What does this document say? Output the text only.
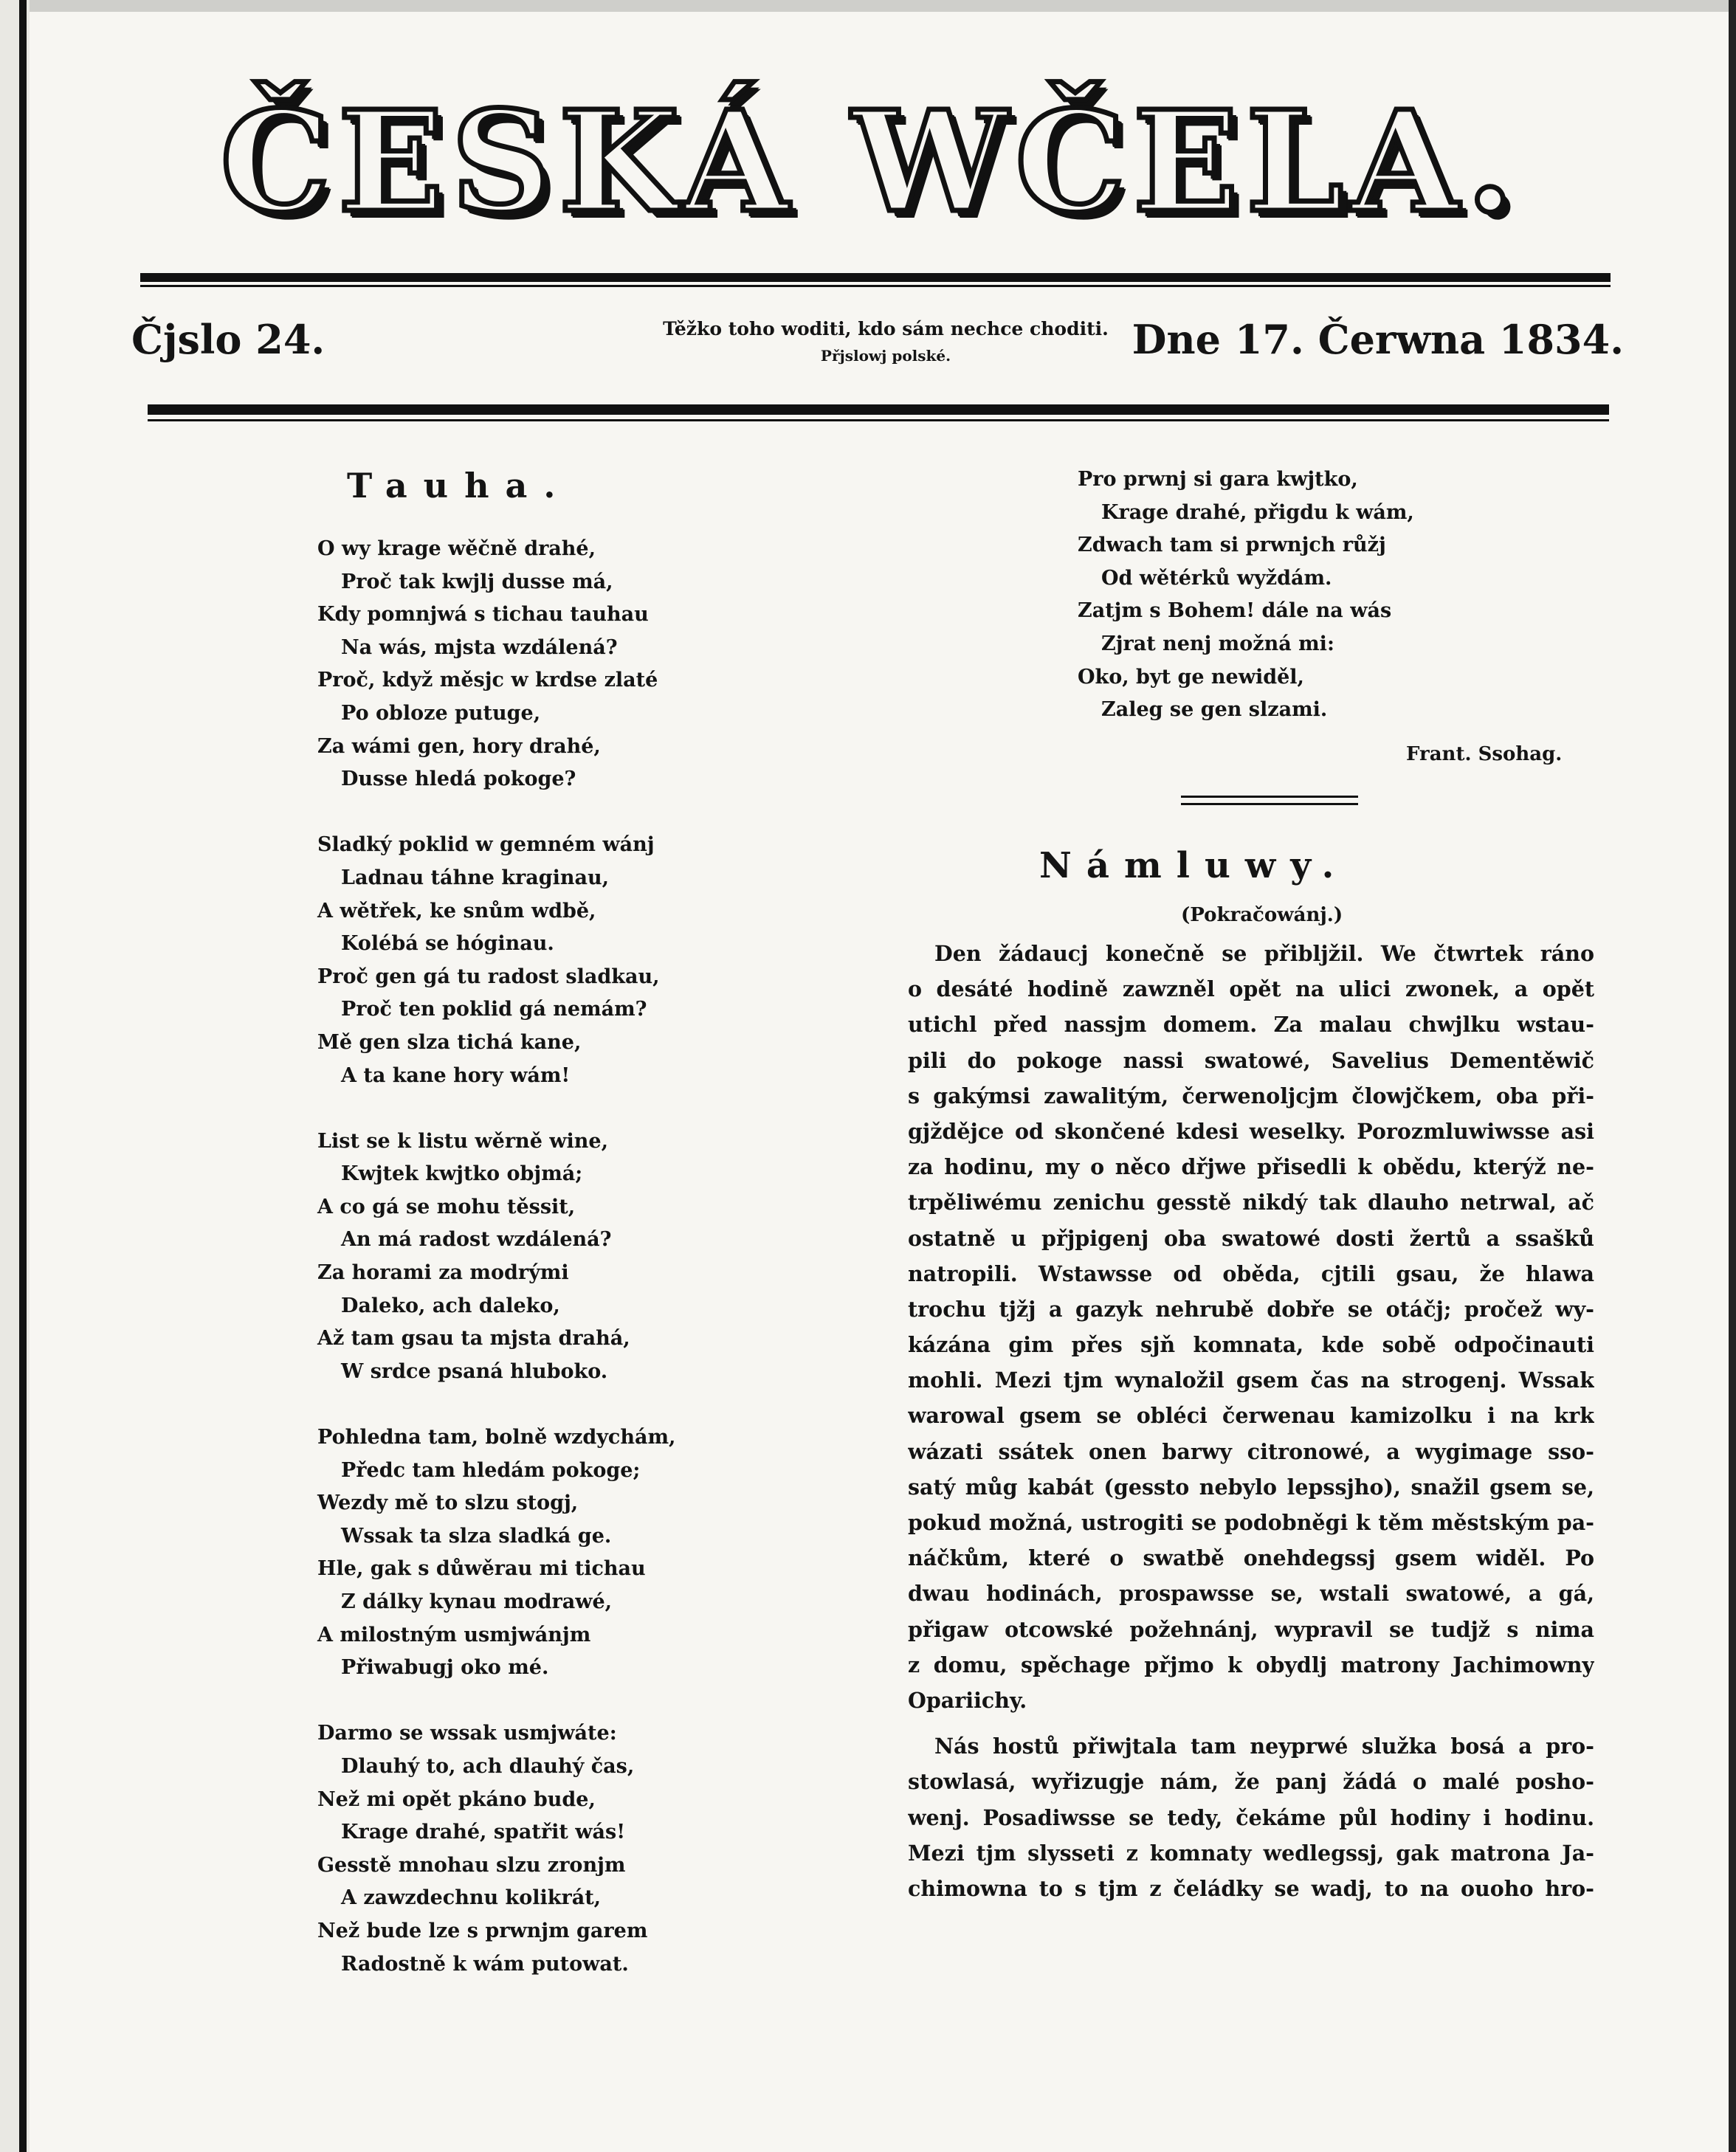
ČESKÁ WČELA.
Čjslo 24.	Těžko toho woditi, kdo sám nechce choditi.
Přjslowj polské.	Dne 17. Čerwna 1834.
Tauha.
O wy krage wěčně drahé,
Proč tak kwjlj dusse má,
Kdy pomnjwá s tichau tauhau
Na wás, mjsta wzdálená?
Proč, když měsjc w krdse zlaté
Po obloze putuge,
Za wámi gen, hory drahé,
Dusse hledá pokoge?
Sladký poklid w gemném wánj
Ladnau táhne kraginau,
A wětřek, ke snům wdbě,
Kolébá se hóginau.
Proč gen gá tu radost sladkau,
Proč ten poklid gá nemám?
Mě gen slza tichá kane,
A ta kane hory wám!
List se k listu wěrně wine,
Kwjtek kwjtko objmá;
A co gá se mohu těssit,
An má radost wzdálená?
Za horami za modrými
Daleko, ach daleko,
Až tam gsau ta mjsta drahá,
W srdce psaná hluboko.
Pohledna tam, bolně wzdychám,
Předc tam hledám pokoge;
Wezdy mě to slzu stogj,
Wssak ta slza sladká ge.
Hle, gak s důwěrau mi tichau
Z dálky kynau modrawé,
A milostným usmjwánjm
Přiwabugj oko mé.
Darmo se wssak usmjwáte:
Dlauhý to, ach dlauhý čas,
Než mi opět pkáno bude,
Krage drahé, spatřit wás!
Gesstě mnohau slzu zronjm
A zawzdechnu kolikrát,
Než bude lze s prwnjm garem
Radostně k wám putowat.
Pro prwnj si gara kwjtko,
Krage drahé, přigdu k wám,
Zdwach tam si prwnjch růžj
Od wětérků wyždám.
Zatjm s Bohem! dále na wás
Zjrat nenj možná mi:
Oko, byt ge newiděl,
Zaleg se gen slzami.
Frant. Ssohag.
Námluwy.
(Pokračowánj.)
Den žádaucj konečně se přiblјžil. We čtwrtek ráno
o desáté hodině zawzněl opět na ulici zwonek, a opět
utichl před nassjm domem. Za malau chwjlku wstau-
pili do pokoge nassi swatowé, Savelius Dementěwič
s gakýmsi zawalitým, čerwenolјcjm člowjčkem, oba při-
gjždějce od skončené kdesi weselky. Porozmluwiwsse asi
za hodinu, my o něco dřjwe přisedli k obědu, kterýž ne-
trpěliwému zenichu gesstě nikdý tak dlauho netrwal, ač
ostatně u přjpigenj oba swatowé dosti žertů a ssašků
natropili. Wstawsse od oběda, cjtili gsau, že hlawa
trochu tjžj a gazyk nehrubě dobře se otáčj; pročež wy-
kázána gim přes sjň komnata, kde sobě odpočinauti
mohli. Mezi tjm wynaložil gsem čas na strogenj. Wssak
warowal gsem se obléci čerwenau kamizolku i na krk
wázati ssátek onen barwy citronowé, a wygimage sso-
satý můg kabát (gessto nebylo lepssjho), snažil gsem se,
pokud možná, ustrogiti se podobněgi k těm městským pa-
náčkům, které o swatbě onehdegssj gsem widěl. Po
dwau hodinách, prospawsse se, wstali swatowé, a gá,
přigaw otcowské požehnánj, wypravil se tudjž s nima
z domu, spěchage přjmo k obydlj matrony Jachimowny
Opariichy.
Nás hostů přiwjtala tam neyprwé služka bosá a pro-
stowlasá, wyřizugje nám, že panj žádá o malé posho-
wenj. Posadiwsse se tedy, čekáme půl hodiny i hodinu.
Mezi tjm slysseti z komnaty wedlegssj, gak matrona Ja-
chimowna to s tjm z čeládky se wadj, to na ouoho hro-
